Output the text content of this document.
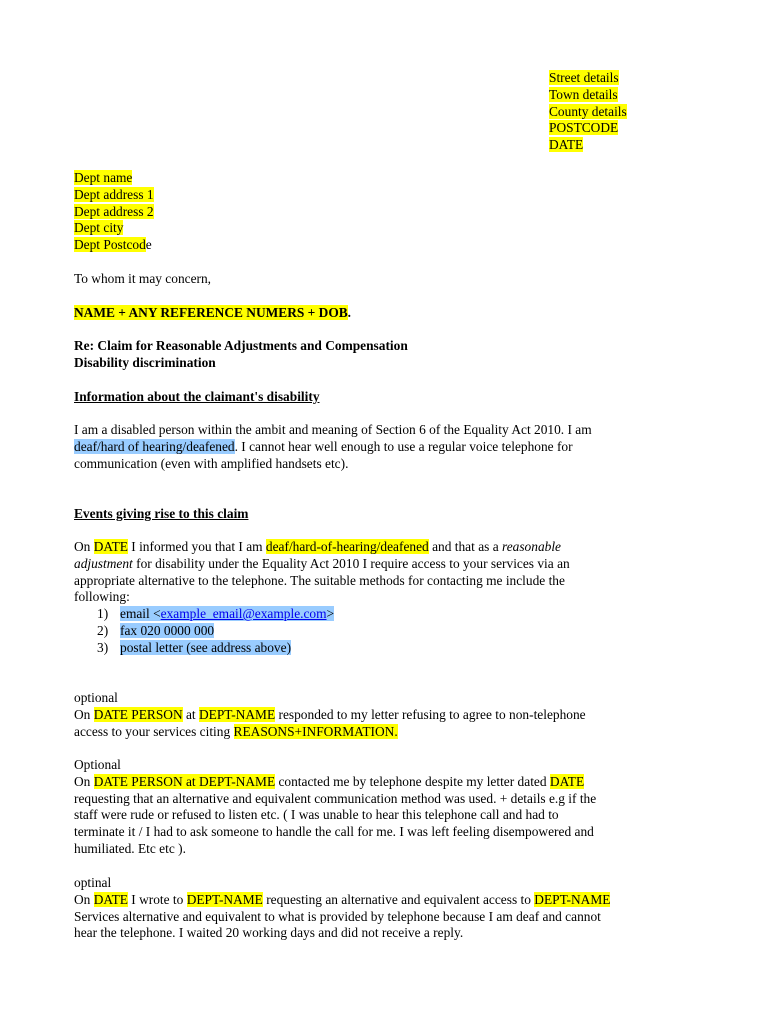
Street details
Town details
County details
POSTCODE
DATE
Dept name
Dept address 1
Dept address 2
Dept city
Dept Postcode
To whom it may concern,
NAME + ANY REFERENCE NUMERS + DOB.
Re: Claim for Reasonable Adjustments and Compensation
Disability discrimination
Information about the claimant's disability
I am a disabled person within the ambit and meaning of Section 6 of the Equality Act 2010. I am
deaf/hard of hearing/deafened. I cannot hear well enough to use a regular voice telephone for
communication (even with amplified handsets etc).
Events giving rise to this claim
On DATE I informed you that I am deaf/hard-of-hearing/deafened and that as a reasonable
adjustment for disability under the Equality Act 2010 I require access to your services via an
appropriate alternative to the telephone. The suitable methods for contacting me include the
following:
1) email <example_email@example.com>
2) fax 020 0000 000
3) postal letter (see address above)
optional
On DATE PERSON at DEPT-NAME responded to my letter refusing to agree to non-telephone
access to your services citing REASONS+INFORMATION.
Optional
On DATE PERSON at DEPT-NAME contacted me by telephone despite my letter dated DATE
requesting that an alternative and equivalent communication method was used. + details e.g if the
staff were rude or refused to listen etc. ( I was unable to hear this telephone call and had to
terminate it / I had to ask someone to handle the call for me. I was left feeling disempowered and
humiliated. Etc etc ).
optinal
On DATE I wrote to DEPT-NAME requesting an alternative and equivalent access to DEPT-NAME
Services alternative and equivalent to what is provided by telephone because I am deaf and cannot
hear the telephone. I waited 20 working days and did not receive a reply.
